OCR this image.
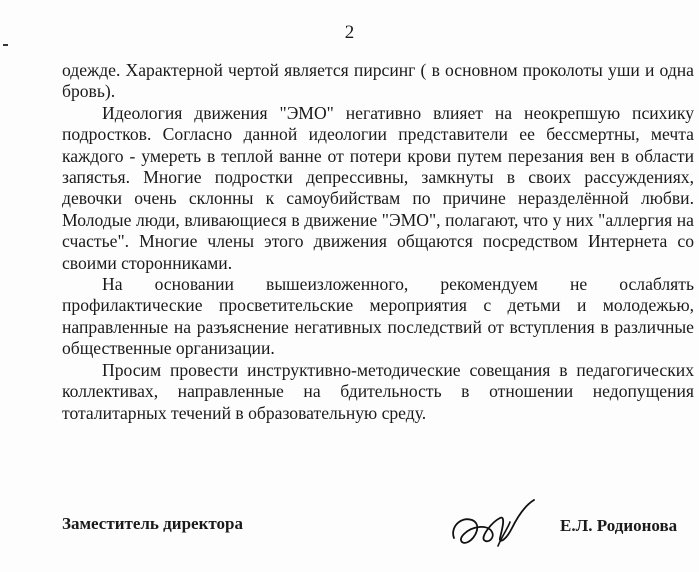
2

одежде. Характерной чертой является пирсинг ( в основном проколоты уши и одна бровь).

Идеология движения "ЭМО" негативно влияет на неокрепшую психику подростков. Согласно данной идеологии представители ее бессмертны, мечта каждого - умереть в теплой ванне от потери крови путем перезания вен в области запястья. Многие подростки депрессивны, замкнуты в своих рассуждениях, девочки очень склонны к самоубийствам по причине неразделённой любви. Молодые люди, вливающиеся в движение "ЭМО", полагают, что у них "аллергия на счастье". Многие члены этого движения общаются посредством Интернета со своими сторонниками.

На основании вышеизложенного, рекомендуем не ослаблять профилактические просветительские мероприятия с детьми и молодежью, направленные на разъяснение негативных последствий от вступления в различные общественные организации.

Просим провести инструктивно-методические совещания в педагогических коллективах, направленные на бдительность в отношении недопущения тоталитарных течений в образовательную среду.

Заместитель директора	Е.Л. Родионова
